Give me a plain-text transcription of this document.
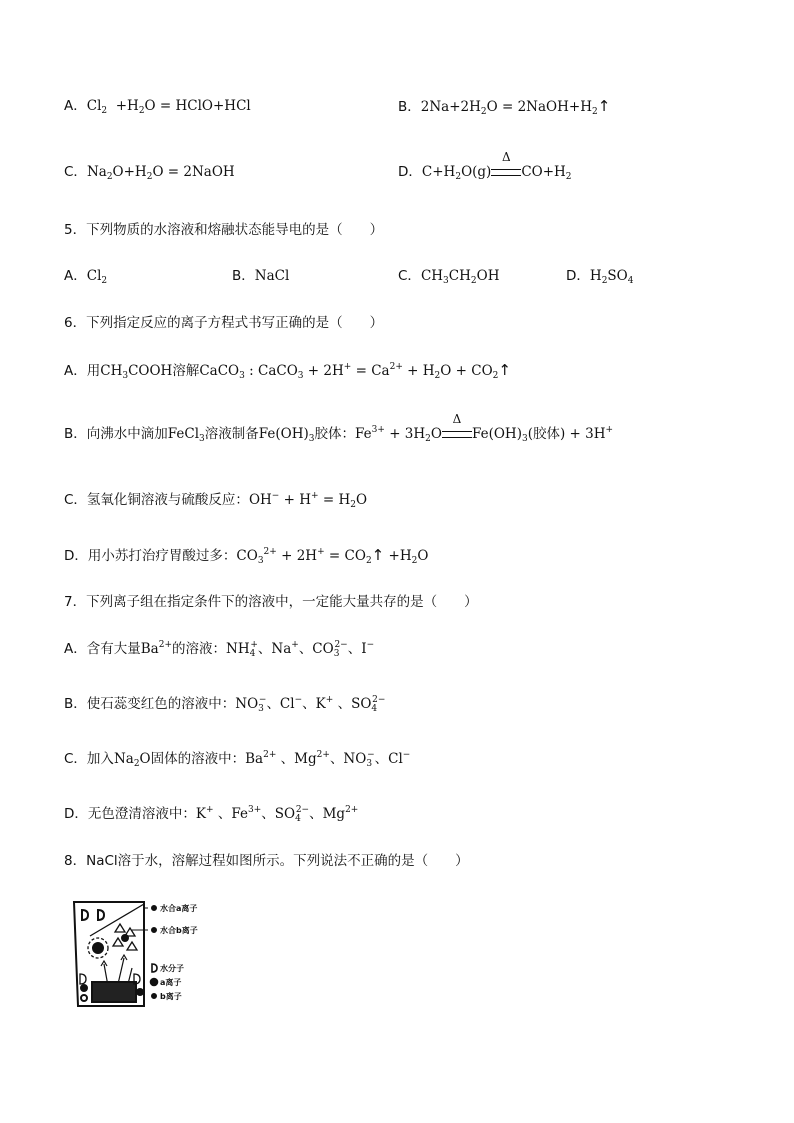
A．$Cl_2 +H_2O$ = HClO+HCl	B．$2Na+2H_2O$ = $2NaOH+H_2↑$
C．$Na_2O+H_2O$ = 2NaOH	D．$C+H_2O(g)$
Δ
$CO+H_2$
5．下列物质的水溶液和熔融状态能导电的是（　　）
A．$Cl_2$	B．NaCl	C．$CH_3CH_2OH$	D．$H_2SO_4$
6．下列指定反应的离子方程式书写正确的是（　　）
A．用$CH_3COOH$溶解CaCO$_3$ : CaCO$_3$ + $2H^+ = Ca^{2+} + H_2O$ + $CO_2↑$
B．向沸水中滴加FeCl$_3$溶液制备$Fe(OH)_3$胶体：$Fe^{3+} + 3H_2O$
Δ
$Fe(OH)_3$(胶体) + 3H+
C．氢氧化铜溶液与硫酸反应：$OH^- + H^+ = H_2O$
D．用小苏打治疗胃酸过多：$CO_3^{2+} + 2H^+$ = $CO_2↑ +H_2O$
7．下列离子组在指定条件下的溶液中，一定能大量共存的是（　　）
A．含有大量$Ba^{2+}$的溶液：$NH_4^+$、Na+、$CO_3^{2-}$、I−
B．使石蕊变红色的溶液中：$NO_3^-$、Cl−、K+ 、$SO_4^{2-}$
C．加入$Na_2O$固体的溶液中：$Ba^{2+}$ 、$Mg^{2+}$、$NO_3^-$、Cl−
D．无色澄清溶液中：K+ 、$Fe^{3+}$、$SO_4^{2-}$、$Mg^{2+}$
8．NaCl溶于水，溶解过程如图所示。下列说法不正确的是（　　）
水合a离子
水合b离子
水分子
a离子
b离子
